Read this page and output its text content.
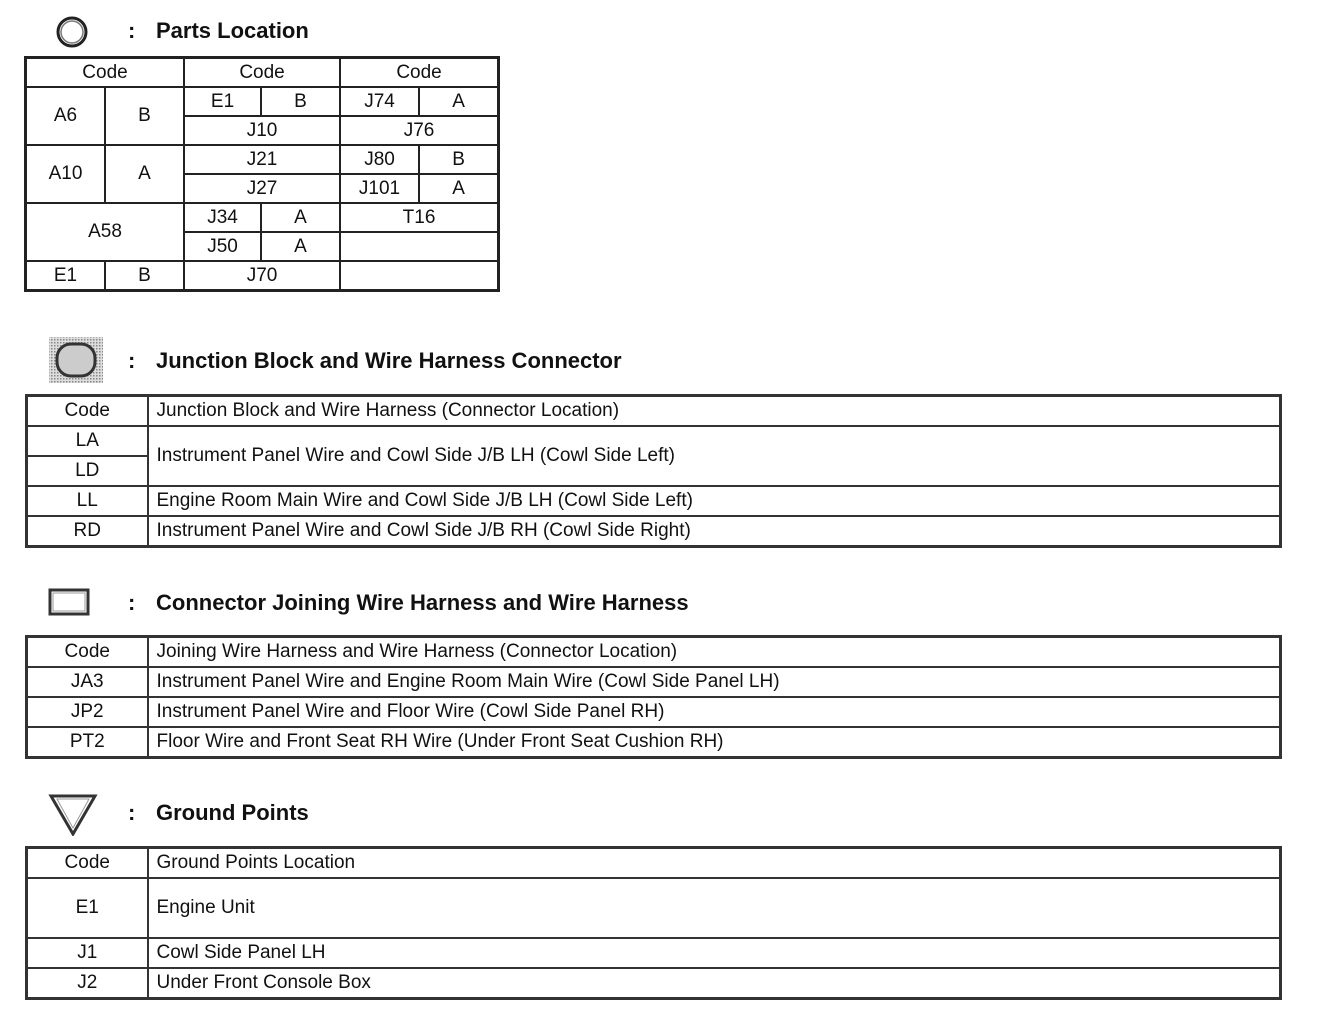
: Parts Location
Code		Code		Code	
A6	B	E1	B	J74	A
		J10		J76	
A10	A	J21		J80	B
		J27		J101	A
A58		J34	A	T16	
		J50	A		
E1	B	J70			
: Junction Block and Wire Harness Connector
Code	Junction Block and Wire Harness (Connector Location)
LA	Instrument Panel Wire and Cowl Side J/B LH (Cowl Side Left)
LD	
LL	Engine Room Main Wire and Cowl Side J/B LH (Cowl Side Left)
RD	Instrument Panel Wire and Cowl Side J/B RH (Cowl Side Right)
: Connector Joining Wire Harness and Wire Harness
Code	Joining Wire Harness and Wire Harness (Connector Location)
JA3	Instrument Panel Wire and Engine Room Main Wire (Cowl Side Panel LH)
JP2	Instrument Panel Wire and Floor Wire (Cowl Side Panel RH)
PT2	Floor Wire and Front Seat RH Wire (Under Front Seat Cushion RH)
: Ground Points
Code	Ground Points Location
E1	Engine Unit
J1	Cowl Side Panel LH
J2	Under Front Console Box
